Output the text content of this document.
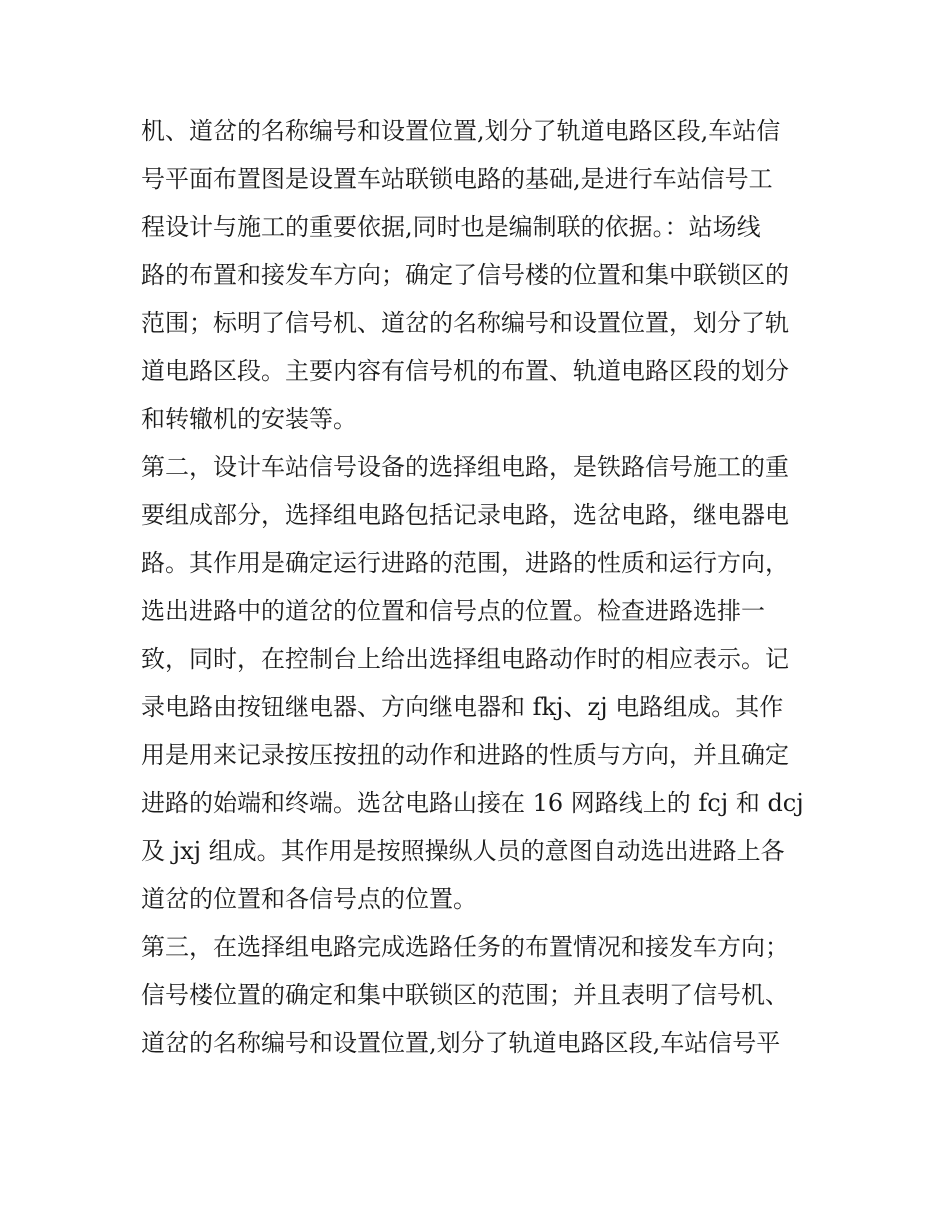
机、道岔的名称编号和设置位置,划分了轨道电路区段,车站信
号平面布置图是设置车站联锁电路的基础,是进行车站信号工
程设计与施工的重要依据,同时也是编制联的依据。：站场线
路的布置和接发车方向；确定了信号楼的位置和集中联锁区的
范围；标明了信号机、道岔的名称编号和设置位置，划分了轨
道电路区段。主要内容有信号机的布置、轨道电路区段的划分
和转辙机的安装等。
第二，设计车站信号设备的选择组电路，是铁路信号施工的重
要组成部分，选择组电路包括记录电路，选岔电路，继电器电
路。其作用是确定运行进路的范围，进路的性质和运行方向，
选出进路中的道岔的位置和信号点的位置。检查进路选排一
致，同时，在控制台上给出选择组电路动作时的相应表示。记
录电路由按钮继电器、方向继电器和 fkj、zj 电路组成。其作
用是用来记录按压按扭的动作和进路的性质与方向，并且确定
进路的始端和终端。选岔电路山接在 16 网路线上的 fcj 和 dcj
及 jxj 组成。其作用是按照操纵人员的意图自动选出进路上各
道岔的位置和各信号点的位置。
第三，在选择组电路完成选路任务的布置情况和接发车方向；
信号楼位置的确定和集中联锁区的范围；并且表明了信号机、
道岔的名称编号和设置位置,划分了轨道电路区段,车站信号平
